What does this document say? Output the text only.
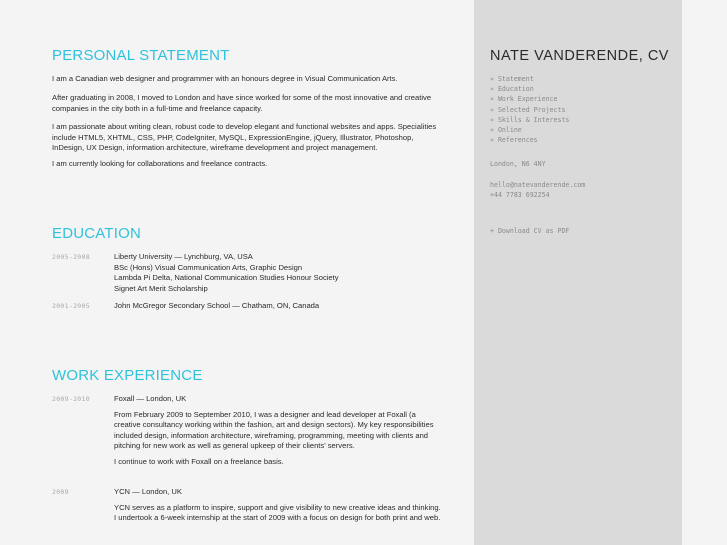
PERSONAL STATEMENT

I am a Canadian web designer and programmer with an honours degree in Visual Communication Arts.

After graduating in 2008, I moved to London and have since worked for some of the most innovative and creative companies in the city both in a full-time and freelance capacity.

I am passionate about writing clean, robust code to develop elegant and functional websites and apps. Specialities include HTML5, XHTML, CSS, PHP, CodeIgniter, MySQL, ExpressionEngine, jQuery, Illustrator, Photoshop, InDesign, UX Design, information architecture, wireframe development and project management.

I am currently looking for collaborations and freelance contracts.

EDUCATION
2005-2008	Liberty University — Lynchburg, VA, USA
BSc (Hons) Visual Communication Arts, Graphic Design
Lambda Pi Delta, National Communication Studies Honour Society
Signet Art Merit Scholarship
2001-2005	John McGregor Secondary School — Chatham, ON, Canada
WORK EXPERIENCE
2009-2010	Foxall — London, UK
From February 2009 to September 2010, I was a designer and lead developer at Foxall (a creative consultancy working within the fashion, art and design sectors). My key responsibilities included design, information architecture, wireframing, programming, meeting with clients and pitching for new work as well as general upkeep of their clients' servers.
I continue to work with Foxall on a freelance basis.
2009	YCN — London, UK
YCN serves as a platform to inspire, support and give visibility to new creative ideas and thinking. I undertook a 6-week internship at the start of 2009 with a focus on design for both print and web.
NATE VANDERENDE, CV
» Statement
» Education
» Work Experience
» Selected Projects
» Skills & Interests
» Online
» References
London, N6 4NY
hello@natevanderende.com
+44 7783 692254
+ Download CV as PDF
